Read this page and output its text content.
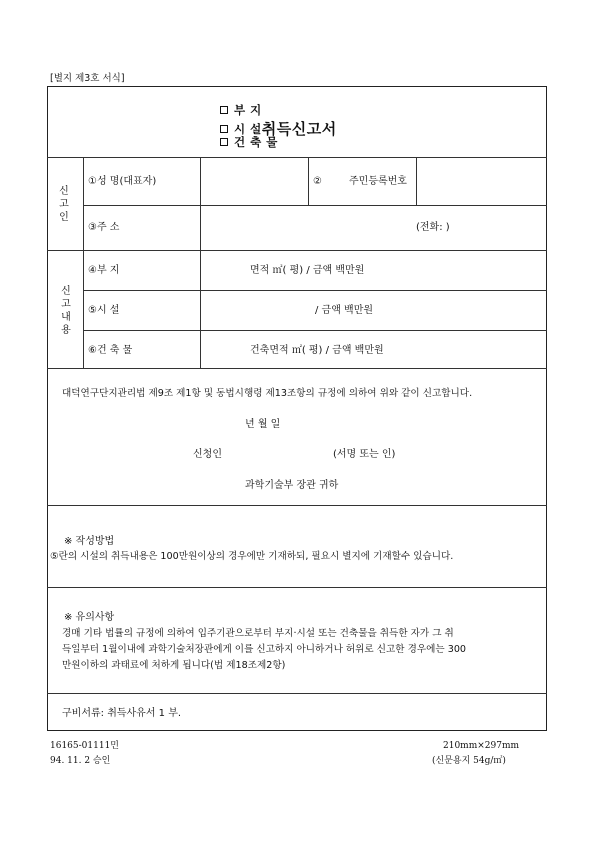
[별지 제3호 서식]
부 지
시 설 취득신고서
건 축 물
신
고
인
①성 명(대표자)	②	주민등록번호
③주 소	(전화: )
신
고
내
용
④부 지	면적 ㎡( 평) / 금액 백만원
⑤시 설	/ 금액 백만원
⑥건 축 물	건축면적 ㎡( 평) / 금액 백만원
대덕연구단지관리법 제9조 제1항 및 동법시행령 제13조항의 규정에 의하여 위와 같이 신고합니다.
년 월 일
신청인	(서명 또는 인)
과학기술부 장관 귀하
※ 작성방법
⑤란의 시설의 취득내용은 100만원이상의 경우에만 기재하되, 필요시 별지에 기재할수 있습니다.
※ 유의사항
경매 기타 법률의 규정에 의하여 입주기관으로부터 부지·시설 또는 건축물을 취득한 자가 그 취
득일부터 1월이내에 과학기술처장관에게 이를 신고하지 아니하거나 허위로 신고한 경우에는 300
만원이하의 과태료에 처하게 됩니다(법 제18조제2항)
구비서류: 취득사유서 1 부.
16165-01111민
94. 11. 2 승인
210mm×297mm
(신문용지 54g/㎡)
